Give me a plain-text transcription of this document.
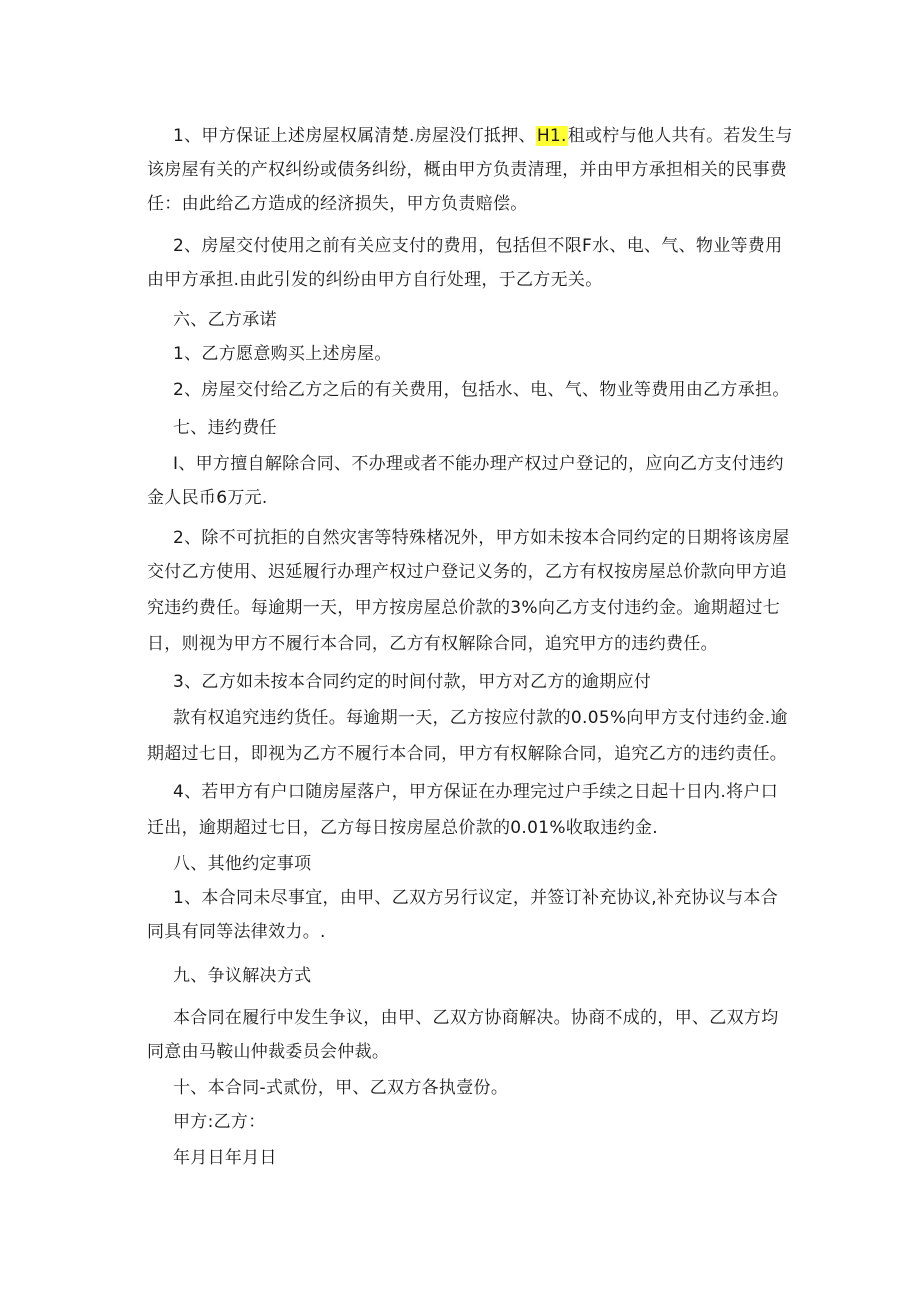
1、甲方保证上述房屋权属清楚.房屋没仃抵押、H1.租或柠与他人共有。若发生与
该房屋有关的产权纠纷或债务纠纷，概由甲方负责清理，并由甲方承担相关的民事费
任：由此给乙方造成的经济损失，甲方负责赔偿。
2、房屋交付使用之前有关应支付的费用，包括但不限F水、电、气、物业等费用
由甲方承担.由此引发的纠纷由甲方自行处理，于乙方无关。
六、乙方承诺
1、乙方愿意购买上述房屋。
2、房屋交付给乙方之后的有关费用，包括水、电、气、物业等费用由乙方承担。
七、违约费任
I、甲方擅自解除合同、不办理或者不能办理产权过户登记的，应向乙方支付违约
金人民币6万元.
2、除不可抗拒的自然灾害等特殊楮况外，甲方如未按本合同约定的日期将该房屋
交付乙方使用、迟延履行办理产权过户登记义务的，乙方有权按房屋总价款向甲方追
究违约费任。每逾期一天，甲方按房屋总价款的3%向乙方支付违约金。逾期超过七
日，则视为甲方不履行本合同，乙方有权解除合同，追究甲方的违约费任。
3、乙方如未按本合同约定的时间付款，甲方对乙方的逾期应付
款有权追究违约货任。每逾期一天，乙方按应付款的0.05%向甲方支付违约金.逾
期超过七日，即视为乙方不履行本合同，甲方有权解除合同，追究乙方的违约责任。
4、若甲方有户口随房屋落户，甲方保证在办理完过户手续之日起十日内.将户口
迁出，逾期超过七日，乙方每日按房屋总价款的0.01%收取违约金.
八、其他约定事项
1、本合同未尽事宜，由甲、乙双方另行议定，并签订补充协议,补充协议与本合
同具有同等法律效力。.
九、争议解决方式
本合同在履行中发生争议，由甲、乙双方协商解决。协商不成的，甲、乙双方均
同意由马鞍山仲裁委员会仲裁。
十、本合同-式贰份，甲、乙双方各执壹份。
甲方:乙方：
年月日年月日
